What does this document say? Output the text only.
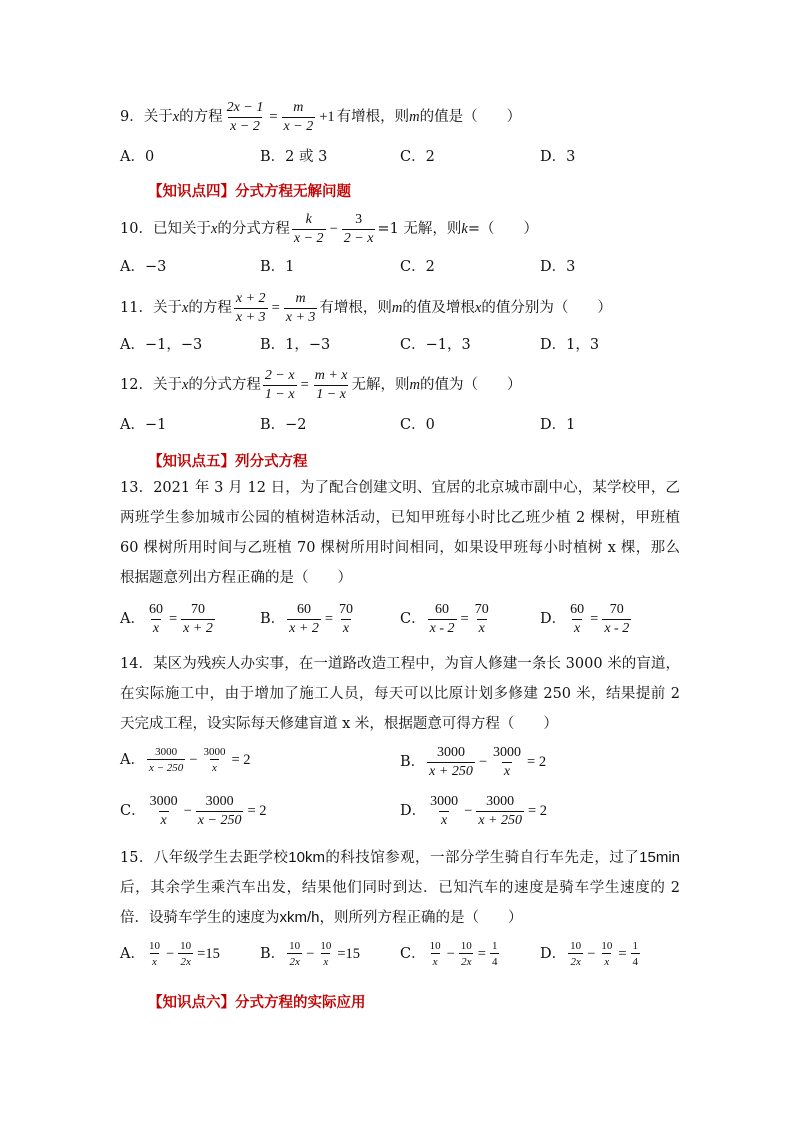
9．关于 x 的方程 $\frac{2x - 1}{x - 2} = \frac{m}{x - 2} +1$ 有增根，则 m 的值是（　　）
A．0	B．2 或 3	C．2	D．3
【知识点四】分式方程无解问题
10．已知关于 x 的分式方程 $\frac{k}{x - 2} - \frac{3}{2 - x} =1$ 无解，则 k =（　　）
A．−3	B．1	C．2	D．3
11．关于 x 的方程 $\frac{x + 2}{x + 3} = \frac{m}{x + 3}$ 有增根，则 m 的值及增根 x 的值分别为（　　）
A．−1，−3	B．1，−3	C．−1，3	D．1，3
12．关于 x 的分式方程 $\frac{2 - x}{1 - x} = \frac{m + x}{1 - x}$ 无解，则 m 的值为（　　）
A．−1	B．−2	C．0	D．1
【知识点五】列分式方程
13．2021 年 3 月 12 日，为了配合创建文明、宜居的北京城市副中心，某学校甲，乙两班学生参加城市公园的植树造林活动，已知甲班每小时比乙班少植 2 棵树，甲班植 60 棵树所用时间与乙班植 70 棵树所用时间相同，如果设甲班每小时植树 x 棵，那么根据题意列出方程正确的是（　　）
A． $\frac{60}{x} = \frac{70}{x + 2}$	B． $\frac{60}{x + 2} = \frac{70}{x}$	C． $\frac{60}{x - 2} = \frac{70}{x}$	D． $\frac{60}{x} = \frac{70}{x - 2}$
14．某区为残疾人办实事，在一道路改造工程中，为盲人修建一条长 3000 米的盲道，在实际施工中，由于增加了施工人员，每天可以比原计划多修建 250 米，结果提前 2 天完成工程，设实际每天修建盲道 x 米，根据题意可得方程（　　）
A． $\frac{3000}{x - 250} - \frac{3000}{x} = 2$	B． $\frac{3000}{x + 250} - \frac{3000}{x} = 2$
C． $\frac{3000}{x} - \frac{3000}{x - 250} = 2$	D． $\frac{3000}{x} - \frac{3000}{x + 250} = 2$
15．八年级学生去距学校10km的科技馆参观，一部分学生骑自行车先走，过了15min后，其余学生乘汽车出发，结果他们同时到达．已知汽车的速度是骑车学生速度的 2 倍．设骑车学生的速度为xkm/h，则所列方程正确的是（　　）
A． $\frac{10}{x} - \frac{10}{2x} =15$	B． $\frac{10}{2x} - \frac{10}{x} =15$	C． $\frac{10}{x} - \frac{10}{2x} = \frac{1}{4}$	D． $\frac{10}{2x} - \frac{10}{x} = \frac{1}{4}$
【知识点六】分式方程的实际应用
